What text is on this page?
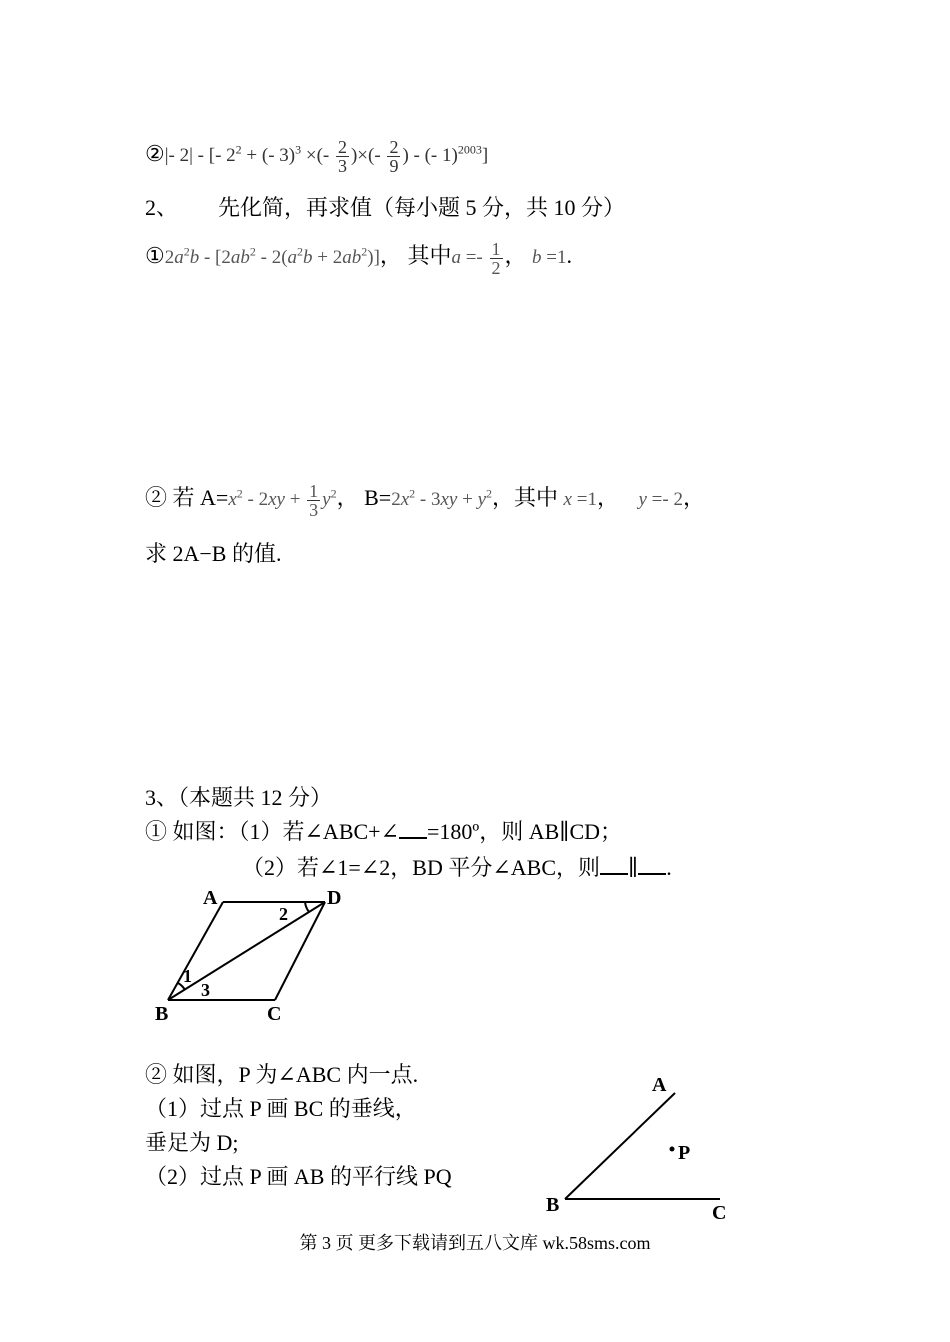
②|- 2| - [- $2^2$ + (- 3)$^3$ ×(- $\frac{2}{3}$ )×(- $\frac{2}{9}$ ) - (- 1)$^{2003}$]
2、 先化简，再求值（每小题 5 分，共 10 分）
$①2a^2b - [2ab^2 - 2(a^2b + 2ab^2)]$， 其中$a =- \frac{1}{2}$ ， b =1.
② 若 $A=x^2 - 2xy + \frac{1}{3} y^2$， $B=2x^2 - 3xy + y^2$，其中 x =1， y =- 2，
求 2A−B 的值.
3、（本题共 12 分）
① 如图：（1）若∠ABC+∠ =180º，则 AB∥CD；
（2）若∠1=∠2，BD 平分∠ABC，则 ∥ .
A	D
B	C
1
2
3
② 如图，P 为∠ABC 内一点.
（1）过点 P 画 BC 的垂线，
垂足为 D;
（2）过点 P 画 AB 的平行线 PQ
A
P
B	C
第 3 页 更多下载请到五八文库 wk.58sms.com
